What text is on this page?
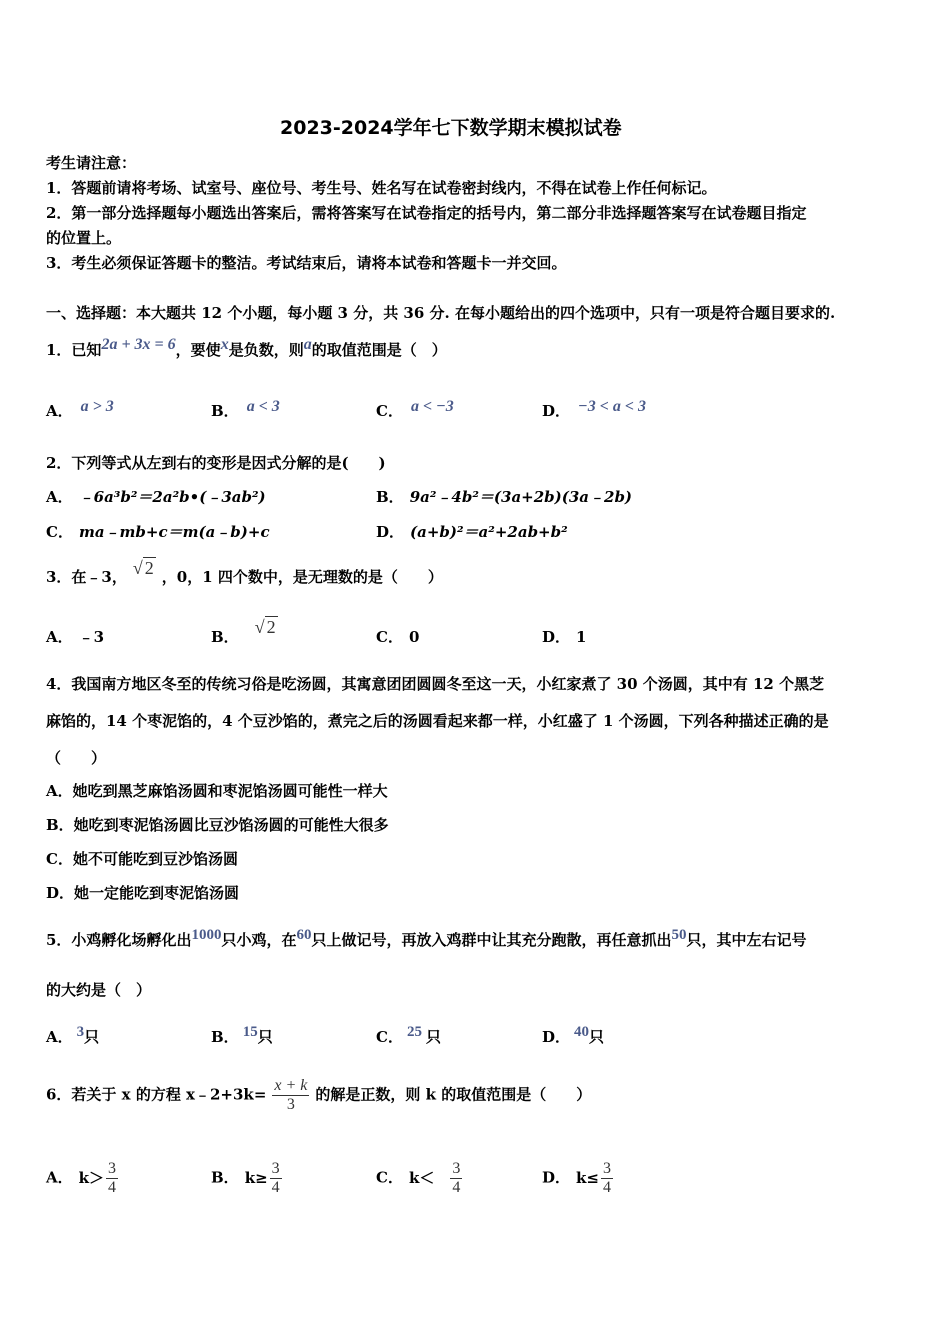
2023-2024学年七下数学期末模拟试卷
考生请注意：
1．答题前请将考场、试室号、座位号、考生号、姓名写在试卷密封线内，不得在试卷上作任何标记。
2．第一部分选择题每小题选出答案后，需将答案写在试卷指定的括号内，第二部分非选择题答案写在试卷题目指定
的位置上。
3．考生必须保证答题卡的整洁。考试结束后，请将本试卷和答题卡一并交回。
一、选择题：本大题共 12 个小题，每小题 3 分，共 36 分. 在每小题给出的四个选项中，只有一项是符合题目要求的.
1．已知2a + 3x = 6，要使x是负数，则a的取值范围是（　）
A． a > 3	B． a < 3	C． a < −3	D． −3 < a < 3
2．下列等式从左到右的变形是因式分解的是(　　)
A． ﹣6a³b²＝2a²b•(﹣3ab²)	B． 9a²﹣4b²＝(3a+2b)(3a﹣2b)
C． ma﹣mb+c＝m(a﹣b)+c	D． (a+b)²＝a²+2ab+b²
3．在﹣3， √ 2 ，0，1 四个数中，是无理数的是（　　）
A． ﹣3	B． √ 2	C． 0	D． 1
4．我国南方地区冬至的传统习俗是吃汤圆，其寓意团团圆圆冬至这一天，小红家煮了 30 个汤圆，其中有 12 个黑芝
麻馅的，14 个枣泥馅的，4 个豆沙馅的，煮完之后的汤圆看起来都一样，小红盛了 1 个汤圆，下列各种描述正确的是
（　　）
A．她吃到黑芝麻馅汤圆和枣泥馅汤圆可能性一样大
B．她吃到枣泥馅汤圆比豆沙馅汤圆的可能性大很多
C．她不可能吃到豆沙馅汤圆
D．她一定能吃到枣泥馅汤圆
5．小鸡孵化场孵化出1000只小鸡，在60只上做记号，再放入鸡群中让其充分跑散，再任意抓出50只，其中左右记号
的大约是（　）
A． 3只	B． 15只	C． 25 只	D． 40只
6．若关于 x 的方程 x﹣2+3k= $\frac{x + k}{3}$ 的解是正数，则 k 的取值范围是（　　）
A． $k> \frac{3}{4}$	B． $k\ge \frac{3}{4}$	C． $k< \frac{3}{4}$	D． $k\le \frac{3}{4}$
